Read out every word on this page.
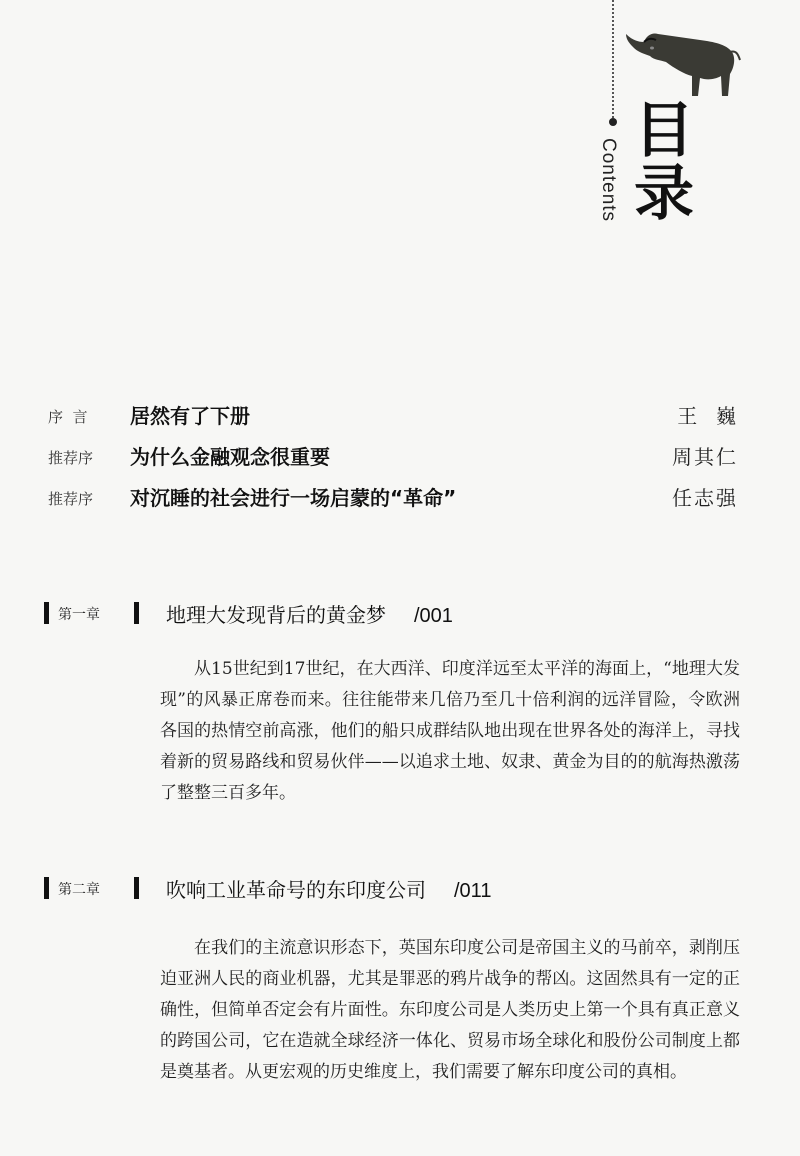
Contents
目
录
序  言	居然有了下册	王  巍
推荐序	为什么金融观念很重要	周其仁
推荐序	对沉睡的社会进行一场启蒙的“革命”	任志强
第一章	地理大发现背后的黄金梦 /001

从15世纪到17世纪，在大西洋、印度洋远至太平洋的海面上，“地理大发现”的风暴正席卷而来。往往能带来几倍乃至几十倍利润的远洋冒险，令欧洲各国的热情空前高涨，他们的船只成群结队地出现在世界各处的海洋上，寻找着新的贸易路线和贸易伙伴——以追求土地、奴隶、黄金为目的的航海热激荡了整整三百多年。

第二章	吹响工业革命号的东印度公司 /011

在我们的主流意识形态下，英国东印度公司是帝国主义的马前卒，剥削压迫亚洲人民的商业机器，尤其是罪恶的鸦片战争的帮凶。这固然具有一定的正确性，但简单否定会有片面性。东印度公司是人类历史上第一个具有真正意义的跨国公司，它在造就全球经济一体化、贸易市场全球化和股份公司制度上都是奠基者。从更宏观的历史维度上，我们需要了解东印度公司的真相。
